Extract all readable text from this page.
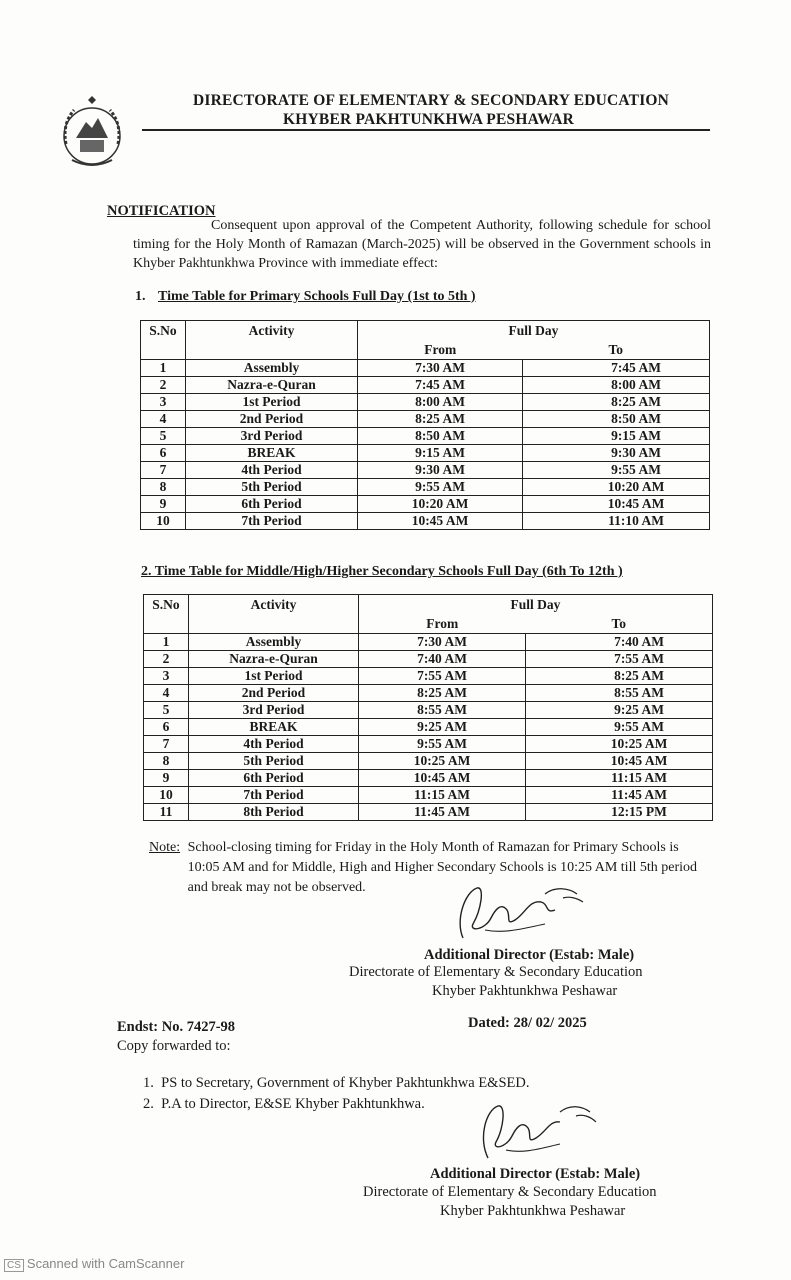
DIRECTORATE OF ELEMENTARY & SECONDARY EDUCATION
KHYBER PAKHTUNKHWA PESHAWAR
NOTIFICATION
Consequent upon approval of the Competent Authority, following schedule for school timing for the Holy Month of Ramazan (March-2025) will be observed in the Government schools in Khyber Pakhtunkhwa Province with immediate effect:
1. Time Table for Primary Schools Full Day (1st to 5th )
S.No	Activity	Full Day	
		From	To
1	Assembly	7:30 AM	7:45 AM
2	Nazra-e-Quran	7:45 AM	8:00 AM
3	1st Period	8:00 AM	8:25 AM
4	2nd Period	8:25 AM	8:50 AM
5	3rd Period	8:50 AM	9:15 AM
6	BREAK	9:15 AM	9:30 AM
7	4th Period	9:30 AM	9:55 AM
8	5th Period	9:55 AM	10:20 AM
9	6th Period	10:20 AM	10:45 AM
10	7th Period	10:45 AM	11:10 AM
2. Time Table for Middle/High/Higher Secondary Schools Full Day (6th To 12th )
S.No	Activity	Full Day	
		From	To
1	Assembly	7:30 AM	7:40 AM
2	Nazra-e-Quran	7:40 AM	7:55 AM
3	1st Period	7:55 AM	8:25 AM
4	2nd Period	8:25 AM	8:55 AM
5	3rd Period	8:55 AM	9:25 AM
6	BREAK	9:25 AM	9:55 AM
7	4th Period	9:55 AM	10:25 AM
8	5th Period	10:25 AM	10:45 AM
9	6th Period	10:45 AM	11:15 AM
10	7th Period	11:15 AM	11:45 AM
11	8th Period	11:45 AM	12:15 PM
Note: School-closing timing for Friday in the Holy Month of Ramazan for Primary Schools is 10:05 AM and for Middle, High and Higher Secondary Schools is 10:25 AM till 5th period and break may not be observed.
Additional Director (Estab: Male)
Directorate of Elementary & Secondary Education
Khyber Pakhtunkhwa Peshawar
Endst: No. 7427-98	Dated: 28/ 02/ 2025
Copy forwarded to:
1.  PS to Secretary, Government of Khyber Pakhtunkhwa E&SED.
2.  P.A to Director, E&SE Khyber Pakhtunkhwa.
Additional Director (Estab: Male)
Directorate of Elementary & Secondary Education
Khyber Pakhtunkhwa Peshawar
CS Scanned with CamScanner
